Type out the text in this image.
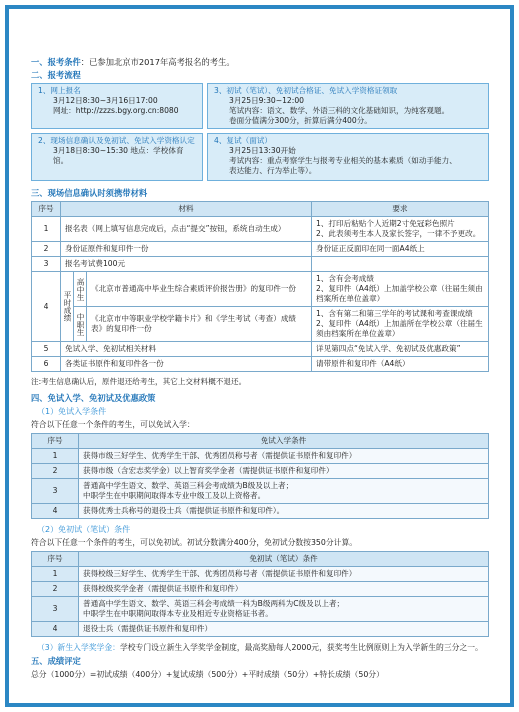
一、报考条件：已参加北京市2017年高考报名的考生。
二、报考流程
1、网上报名
3月12日8:30~3月16日17:00
网址：http://zzzs.bgy.org.cn:8080
2、现场信息确认及免初试、免试入学资格认定
3月18日8:30~15:30 地点：学校体育馆。
3、初试（笔试）、免初试合格证、免试入学资格证领取
3月25日9:30~12:00
笔试内容：语文、数学、外语三科的文化基础知识，为纯客观题。
卷面分值满分300分，折算后满分400分。
4、复试（面试）
3月25日13:30开始
考试内容：重点考察学生与报考专业相关的基本素质（如动手能力、
表达能力、行为举止等）。
三、现场信息确认时须携带材料
序号	材料			要求
1	报名表（网上填写信息完成后，点击“提交”按钮，系统自动生成）			1、打印后粘贴个人近期2寸免冠彩色照片
2、此表须考生本人及家长签字，一律不予更改。
2	身份证原件和复印件一份			身份证正反面印在同一面A4纸上
3	报名考试费100元			
4	平时成绩	高中生	《北京市普通高中毕业生综合素质评价报告册》的复印件一份	1、含有会考成绩
2、复印件（A4纸）上加盖学校公章（往届生须由档案所在单位盖章）

		中职生	《北京市中等职业学校学籍卡片》和《学生考试（考查）成绩表》的复印件一份	1、含有第二和第三学年的考试课和考查课成绩
2、复印件（A4纸）上加盖所在学校公章（往届生须由档案所在单位盖章）
5	免试入学、免初试相关材料			详见第四点“免试入学、免初试及优惠政策”
6	各类证书原件和复印件各一份			请带原件和复印件（A4纸）
注:考生信息确认后，原件退还给考生，其它上交材料概不退还。
四、免试入学、免初试及优惠政策
（1）免试入学条件
符合以下任意一个条件的考生，可以免试入学：
序号	免试入学条件
1	获得市级三好学生、优秀学生干部、优秀团员称号者（需提供证书原件和复印件）
2	获得市级（含宏志奖学金）以上智育奖学金者（需提供证书原件和复印件）
3	普通高中学生语文、数学、英语三科会考成绩为B级及以上者；
中职学生在中职期间取得本专业中级工及以上资格者。
4	获得优秀士兵称号的退役士兵（需提供证书原件和复印件）。
（2）免初试（笔试）条件
符合以下任意一个条件的考生，可以免初试。初试分数满分400分，免初试分数按350分计算。
序号	免初试（笔试）条件
1	获得校级三好学生、优秀学生干部、优秀团员称号者（需提供证书原件和复印件）
2	获得校级奖学金者（需提供证书原件和复印件）
3	普通高中学生语文、数学、英语三科会考成绩一科为B级两科为C级及以上者；
中职学生在中职期间取得本专业及相近专业资格证书者。
4	退役士兵（需提供证书原件和复印件）
（3）新生入学奖学金：学校专门设立新生入学奖学金制度，最高奖励每人2000元，获奖考生比例原则上为入学新生的三分之一。
五、成绩评定
总分（1000分）=初试成绩（400分）+复试成绩（500分）+平时成绩（50分）+特长成绩（50分）
